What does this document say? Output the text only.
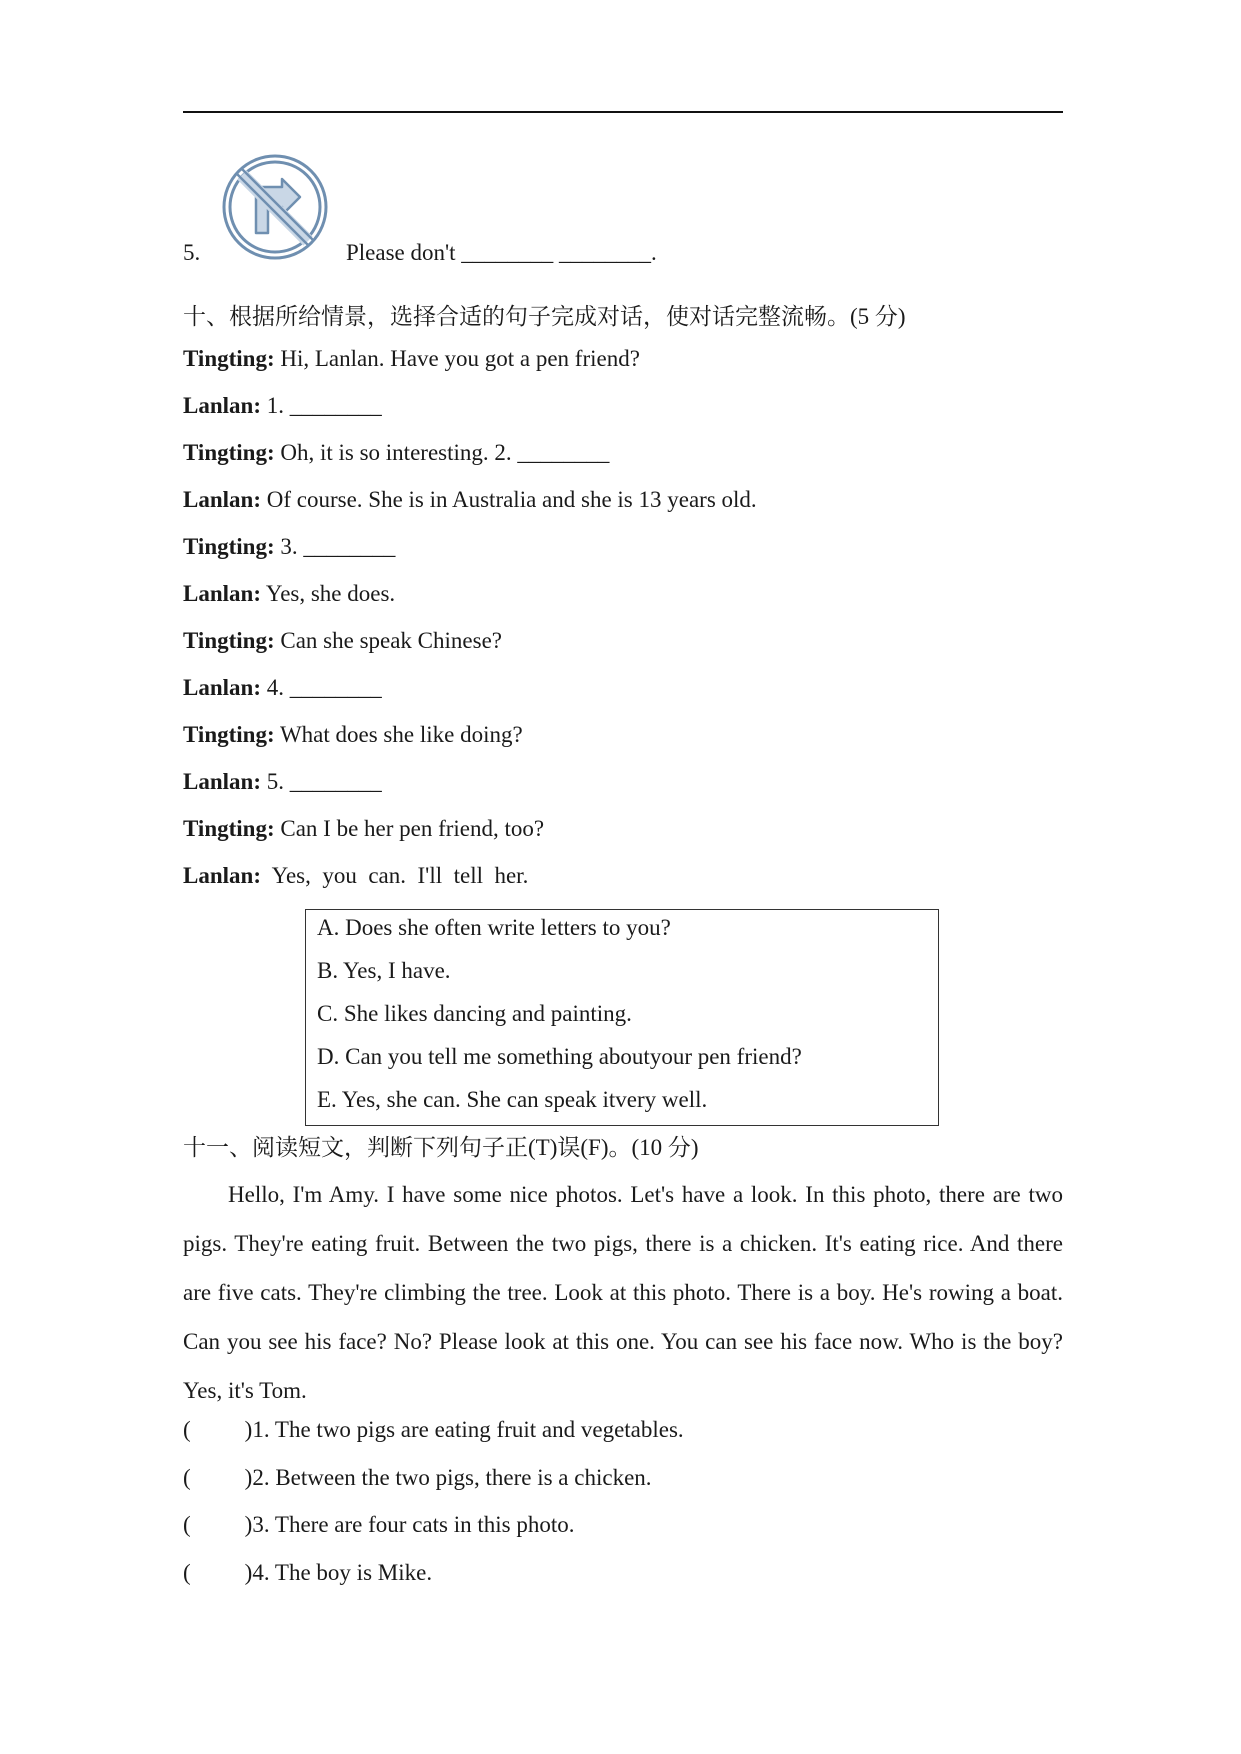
5.	Please don't ________ ________.
十、根据所给情景，选择合适的句子完成对话，使对话完整流畅。(5 分)
Tingting: Hi, Lanlan. Have you got a pen friend?
Lanlan: 1. ________
Tingting: Oh, it is so interesting. 2. ________
Lanlan: Of course. She is in Australia and she is 13 years old.
Tingting: 3. ________
Lanlan: Yes, she does.
Tingting: Can she speak Chinese?
Lanlan: 4. ________
Tingting: What does she like doing?
Lanlan: 5. ________
Tingting: Can I be her pen friend, too?
Lanlan:  Yes,  you  can.  I'll  tell  her.
A. Does she often write letters to you?
B. Yes, I have.
C. She likes dancing and painting.
D. Can you tell me something aboutyour pen friend?
E. Yes, she can. She can speak itvery well.
十一、阅读短文，判断下列句子正(T)误(F)。(10 分)
Hello, I'm Amy. I have some nice photos. Let's have a look. In this photo, there are two pigs. They're eating fruit. Between the two pigs, there is a chicken. It's eating rice. And there are five cats. They're climbing the tree. Look at this photo. There is a boy. He's rowing a boat. Can you see his face? No? Please look at this one. You can see his face now. Who is the boy? Yes, it's Tom.
( )1. The two pigs are eating fruit and vegetables.
( )2. Between the two pigs, there is a chicken.
( )3. There are four cats in this photo.
( )4. The boy is Mike.
